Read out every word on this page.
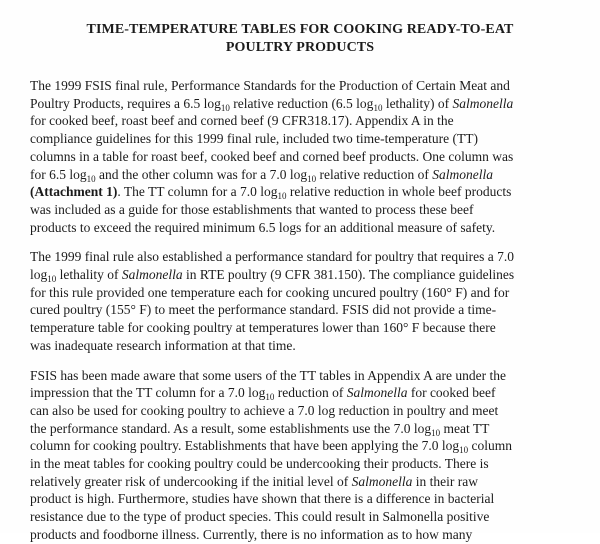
TIME-TEMPERATURE TABLES FOR COOKING READY-TO-EAT
POULTRY PRODUCTS
The 1999 FSIS final rule, Performance Standards for the Production of Certain Meat and
Poultry Products, requires a 6.5 $\log_{10}$ relative reduction (6.5 $\log_{10}$ lethality) of Salmonella
for cooked beef, roast beef and corned beef (9 CFR318.17). Appendix A in the
compliance guidelines for this 1999 final rule, included two time-temperature (TT)
columns in a table for roast beef, cooked beef and corned beef products. One column was
for 6.5 $\log_{10}$ and the other column was for a 7.0 $\log_{10}$ relative reduction of Salmonella
(Attachment 1). The TT column for a 7.0 $\log_{10}$ relative reduction in whole beef products
was included as a guide for those establishments that wanted to process these beef
products to exceed the required minimum 6.5 logs for an additional measure of safety.
The 1999 final rule also established a performance standard for poultry that requires a 7.0
$\log_{10}$ lethality of Salmonella in RTE poultry (9 CFR 381.150). The compliance guidelines
for this rule provided one temperature each for cooking uncured poultry (160° F) and for
cured poultry (155° F) to meet the performance standard. FSIS did not provide a time-
temperature table for cooking poultry at temperatures lower than 160° F because there
was inadequate research information at that time.
FSIS has been made aware that some users of the TT tables in Appendix A are under the
impression that the TT column for a 7.0 $\log_{10}$ reduction of Salmonella for cooked beef
can also be used for cooking poultry to achieve a 7.0 log reduction in poultry and meet
the performance standard. As a result, some establishments use the 7.0 $\log_{10}$ meat TT
column for cooking poultry. Establishments that have been applying the 7.0 $\log_{10}$ column
in the meat tables for cooking poultry could be undercooking their products. There is
relatively greater risk of undercooking if the initial level of Salmonella in their raw
product is high. Furthermore, studies have shown that there is a difference in bacterial
resistance due to the type of product species. This could result in Salmonella positive
products and foodborne illness. Currently, there is no information as to how many
